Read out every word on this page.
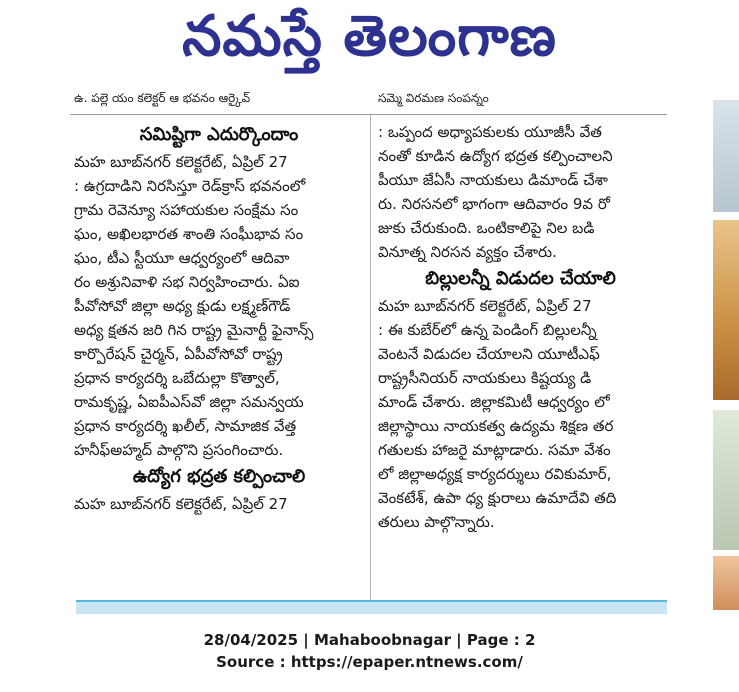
నమస్తే తెలంగాణ
ఉ. పల్లె యం కలెక్టర్ ఆ భవనం ఆర్కైవ్	సమ్మె విరమణ సంపన్నం
సమిష్టిగా ఎదుర్కొందాం

మహ బూబ్‌నగర్ కలెక్టరేట్, ఏప్రిల్ 27
: ఉగ్రదాడిని నిరసిస్తూ రెడ్‌క్రాస్ భవనంలో
గ్రామ రెవెన్యూ సహాయకుల సంక్షేమ సం
ఘం, అఖిలభారత శాంతి సంఘీభావ సం
ఘం, టీఎ స్టీయూ ఆధ్వర్యంలో ఆదివా
రం అశ్రునివాళి సభ నిర్వహించారు. ఏఐ
పీవోసోవో జిల్లా అధ్య క్షుడు లక్ష్మణ్‌గౌడ్
అధ్య క్షతన జరి గిన రాష్ట్ర మైనార్టీ ఫైనాన్స్
కార్పొరేషన్ చైర్మన్, ఏపీవోసోవో రాష్ట్ర
ప్రధాన కార్యదర్శి ఒబేదుల్లా కొత్వాల్,
రామకృష్ణ, ఏఐపీఎస్‌వో జిల్లా సమన్వయ
ప్రధాన కార్యదర్శి ఖలీల్, సామాజిక వేత్త
హనీఫ్‌అహ్మద్ పాల్గొని ప్రసంగించారు.

ఉద్యోగ భద్రత కల్పించాలి

మహ బూబ్‌నగర్ కలెక్టరేట్, ఏప్రిల్ 27

: ఒప్పంద అధ్యాపకులకు యూజీసీ వేత
నంతో కూడిన ఉద్యోగ భద్రత కల్పించాలని
పీయూ జేఏసీ నాయకులు డిమాండ్ చేశా
రు. నిరసనలో భాగంగా ఆదివారం 9వ రో
జుకు చేరుకుంది. ఒంటికాలిపై నిల బడి
వినూత్న నిరసన వ్యక్తం చేశారు.

బిల్లులన్నీ విడుదల చేయాలి

మహ బూబ్‌నగర్ కలెక్టరేట్, ఏప్రిల్ 27
: ఈ కుబేర్‌లో ఉన్న పెండింగ్ బిల్లులన్నీ
వెంటనే విడుదల చేయాలని యూటీఎఫ్
రాష్ట్రసీనియర్ నాయకులు కిష్టయ్య డి
మాండ్ చేశారు. జిల్లాకమిటీ ఆధ్వర్యం లో
జిల్లాస్థాయి నాయకత్వ ఉద్యమ శిక్షణ తర
గతులకు హాజరై మాట్లాడారు. సమా వేశం
లో జిల్లాఅధ్యక్ష కార్యదర్శులు రవికుమార్,
వెంకటేశ్, ఉపా ధ్య క్షురాలు ఉమాదేవి తది
తరులు పాల్గొన్నారు.

28/04/2025 | Mahaboobnagar | Page : 2
Source : https://epaper.ntnews.com/
